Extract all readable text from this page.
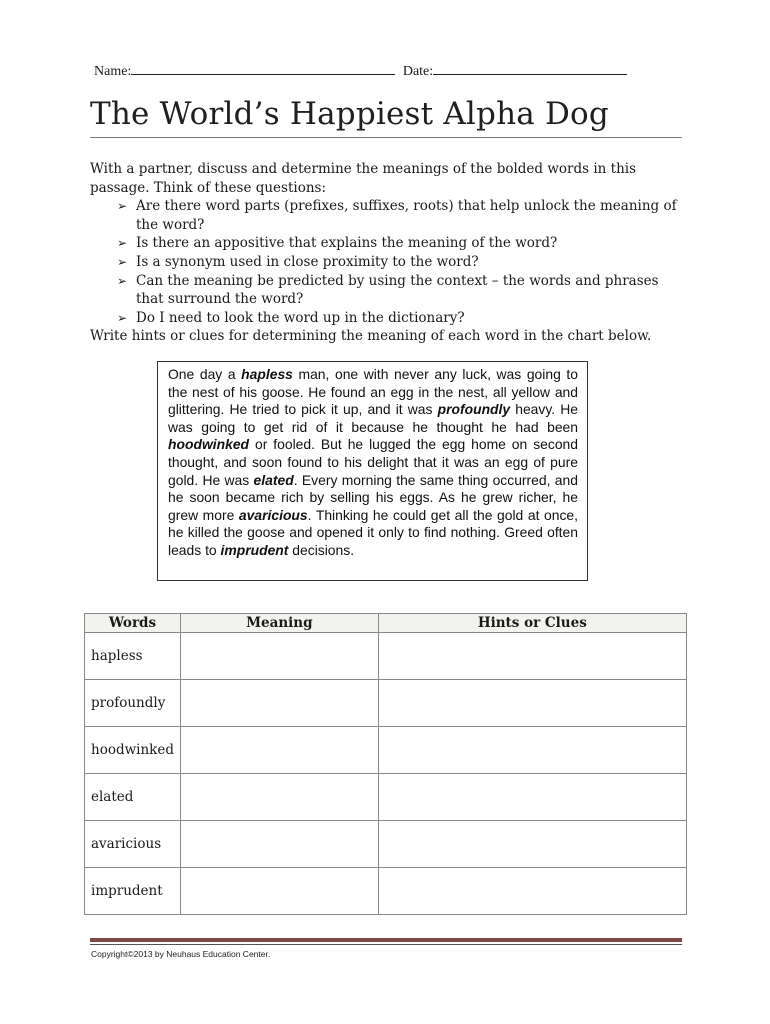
Name:	Date:
The World’s Happiest Alpha Dog

With a partner, discuss and determine the meanings of the bolded words in this passage. Think of these questions:

➢ Are there word parts (prefixes, suffixes, roots) that help unlock the meaning of the word?
➢ Is there an appositive that explains the meaning of the word?
➢ Is a synonym used in close proximity to the word?
➢ Can the meaning be predicted by using the context – the words and phrases that surround the word?
➢ Do I need to look the word up in the dictionary?

Write hints or clues for determining the meaning of each word in the chart below.

One day a hapless man, one with never any luck, was going to the nest of his goose. He found an egg in the nest, all yellow and glittering. He tried to pick it up, and it was profoundly heavy. He was going to get rid of it because he thought he had been hoodwinked or fooled. But he lugged the egg home on second thought, and soon found to his delight that it was an egg of pure gold. He was elated. Every morning the same thing occurred, and he soon became rich by selling his eggs. As he grew richer, he grew more avaricious. Thinking he could get all the gold at once, he killed the goose and opened it only to find nothing. Greed often leads to imprudent decisions.
Words	Meaning	Hints or Clues
hapless		
profoundly		
hoodwinked		
elated		
avaricious		
imprudent		
Copyright©2013 by Neuhaus Education Center.
